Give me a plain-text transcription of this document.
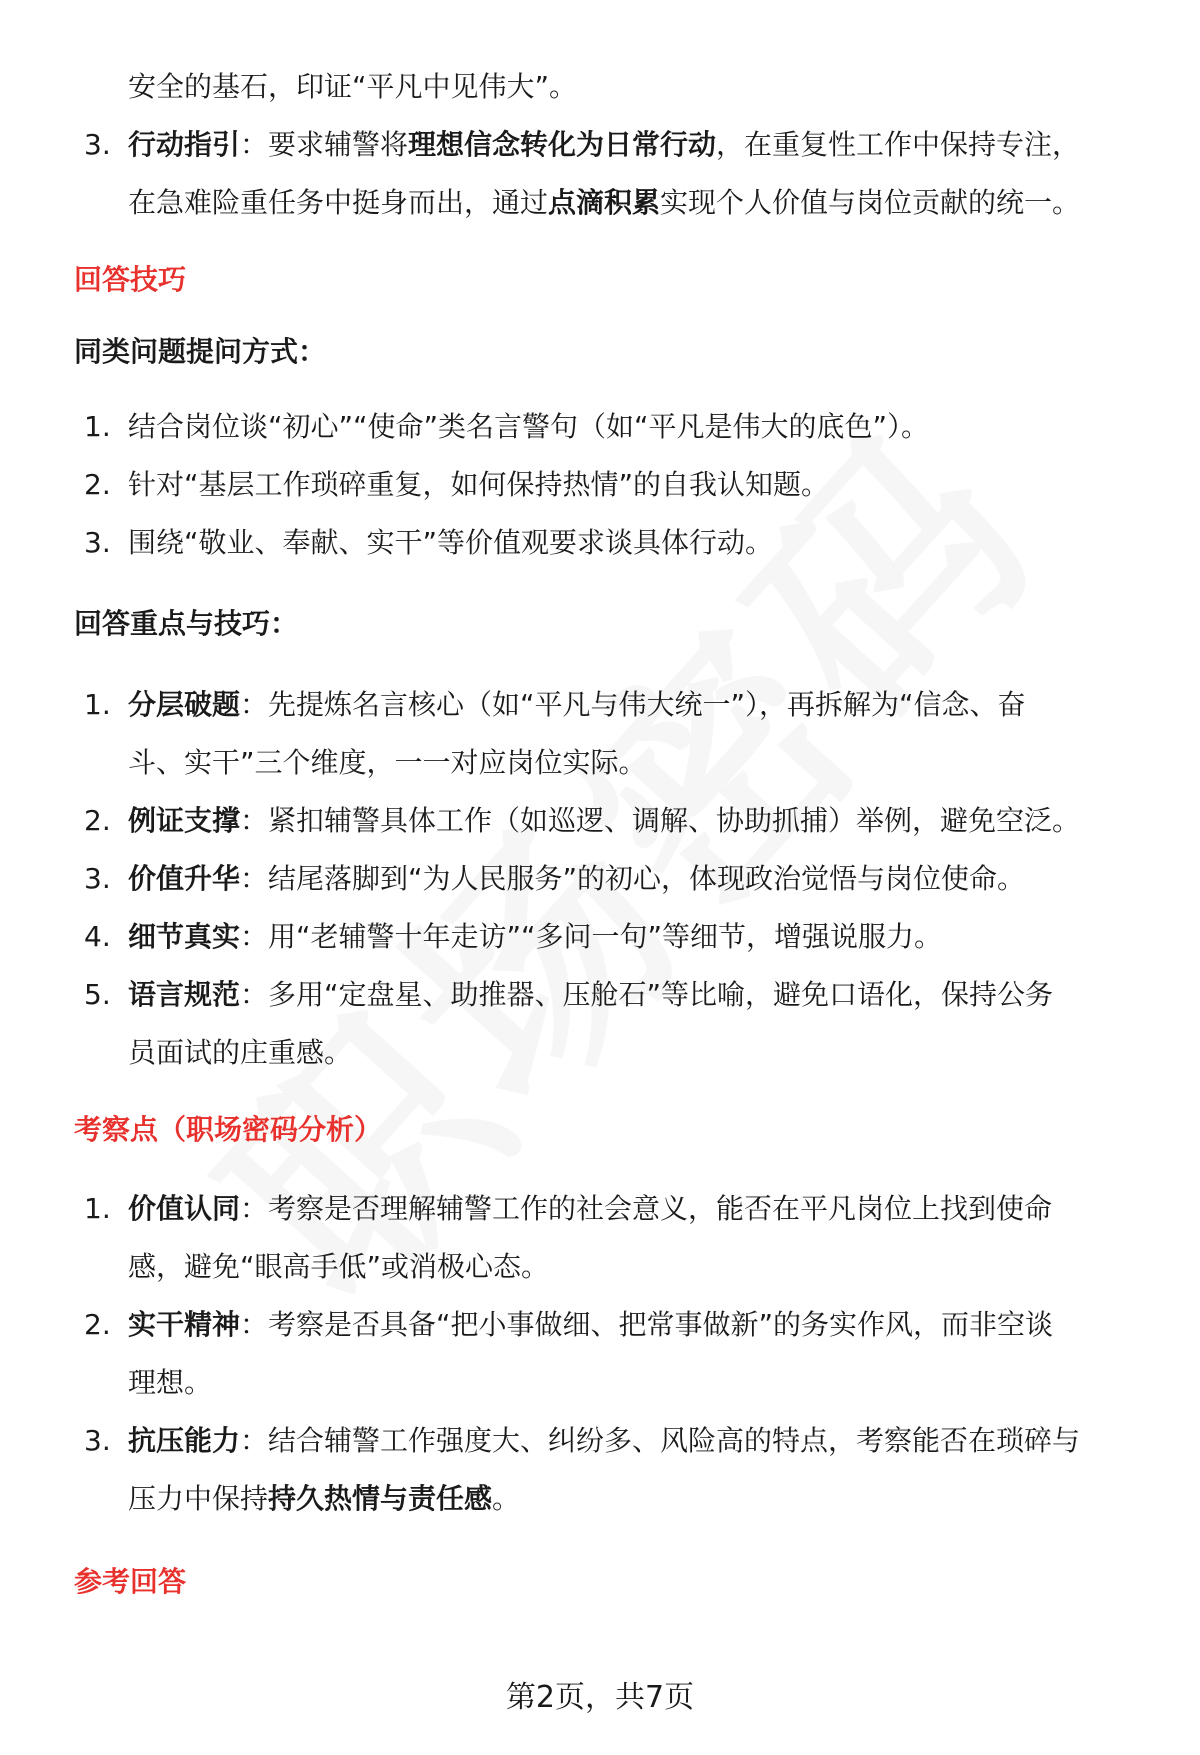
安全的基石，印证“平凡中见伟大”。

3. 行动指引：要求辅警将理想信念转化为日常行动，在重复性工作中保持专注，
在急难险重任务中挺身而出，通过点滴积累实现个人价值与岗位贡献的统一。

回答技巧

同类问题提问方式：

1. 结合岗位谈“初心”“使命”类名言警句（如“平凡是伟大的底色”）。
2. 针对“基层工作琐碎重复，如何保持热情”的自我认知题。
3. 围绕“敬业、奉献、实干”等价值观要求谈具体行动。

回答重点与技巧：

1. 分层破题：先提炼名言核心（如“平凡与伟大统一”），再拆解为“信念、奋
斗、实干”三个维度，一一对应岗位实际。
2. 例证支撑：紧扣辅警具体工作（如巡逻、调解、协助抓捕）举例，避免空泛。
3. 价值升华：结尾落脚到“为人民服务”的初心，体现政治觉悟与岗位使命。
4. 细节真实：用“老辅警十年走访”“多问一句”等细节，增强说服力。
5. 语言规范：多用“定盘星、助推器、压舱石”等比喻，避免口语化，保持公务
员面试的庄重感。

考察点（职场密码分析）

1. 价值认同：考察是否理解辅警工作的社会意义，能否在平凡岗位上找到使命
感，避免“眼高手低”或消极心态。
2. 实干精神：考察是否具备“把小事做细、把常事做新”的务实作风，而非空谈
理想。
3. 抗压能力：结合辅警工作强度大、纠纷多、风险高的特点，考察能否在琐碎与
压力中保持持久热情与责任感。

参考回答

第2页，共7页
